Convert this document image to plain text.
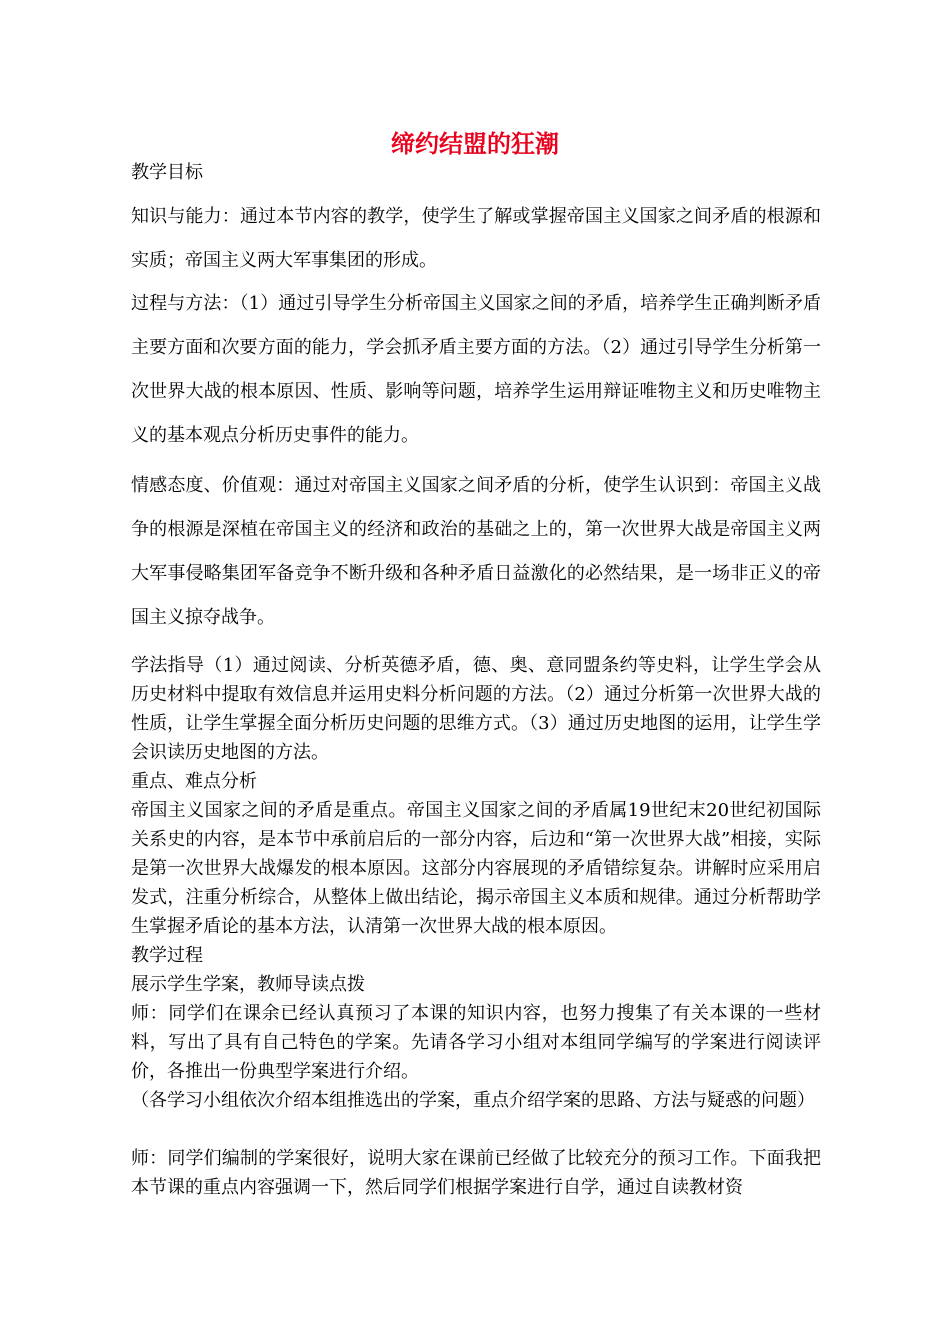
缔约结盟的狂潮
教学目标
知识与能力：通过本节内容的教学，使学生了解或掌握帝国主义国家之间矛盾的根源和实质；帝国主义两大军事集团的形成。
过程与方法：（1）通过引导学生分析帝国主义国家之间的矛盾，培养学生正确判断矛盾主要方面和次要方面的能力，学会抓矛盾主要方面的方法。（2）通过引导学生分析第一次世界大战的根本原因、性质、影响等问题，培养学生运用辩证唯物主义和历史唯物主义的基本观点分析历史事件的能力。
情感态度、价值观：通过对帝国主义国家之间矛盾的分析，使学生认识到：帝国主义战争的根源是深植在帝国主义的经济和政治的基础之上的，第一次世界大战是帝国主义两大军事侵略集团军备竞争不断升级和各种矛盾日益激化的必然结果，是一场非正义的帝国主义掠夺战争。
学法指导（1）通过阅读、分析英德矛盾，德、奥、意同盟条约等史料，让学生学会从历史材料中提取有效信息并运用史料分析问题的方法。（2）通过分析第一次世界大战的性质，让学生掌握全面分析历史问题的思维方式。（3）通过历史地图的运用，让学生学会识读历史地图的方法。
重点、难点分析
帝国主义国家之间的矛盾是重点。帝国主义国家之间的矛盾属19世纪末20世纪初国际关系史的内容，是本节中承前启后的一部分内容，后边和“第一次世界大战”相接，实际是第一次世界大战爆发的根本原因。这部分内容展现的矛盾错综复杂。讲解时应采用启发式，注重分析综合，从整体上做出结论，揭示帝国主义本质和规律。通过分析帮助学生掌握矛盾论的基本方法，认清第一次世界大战的根本原因。
教学过程
展示学生学案，教师导读点拨
师：同学们在课余已经认真预习了本课的知识内容，也努力搜集了有关本课的一些材料，写出了具有自己特色的学案。先请各学习小组对本组同学编写的学案进行阅读评价，各推出一份典型学案进行介绍。
（各学习小组依次介绍本组推选出的学案，重点介绍学案的思路、方法与疑惑的问题）
师：同学们编制的学案很好，说明大家在课前已经做了比较充分的预习工作。下面我把本节课的重点内容强调一下，然后同学们根据学案进行自学，通过自读教材资
